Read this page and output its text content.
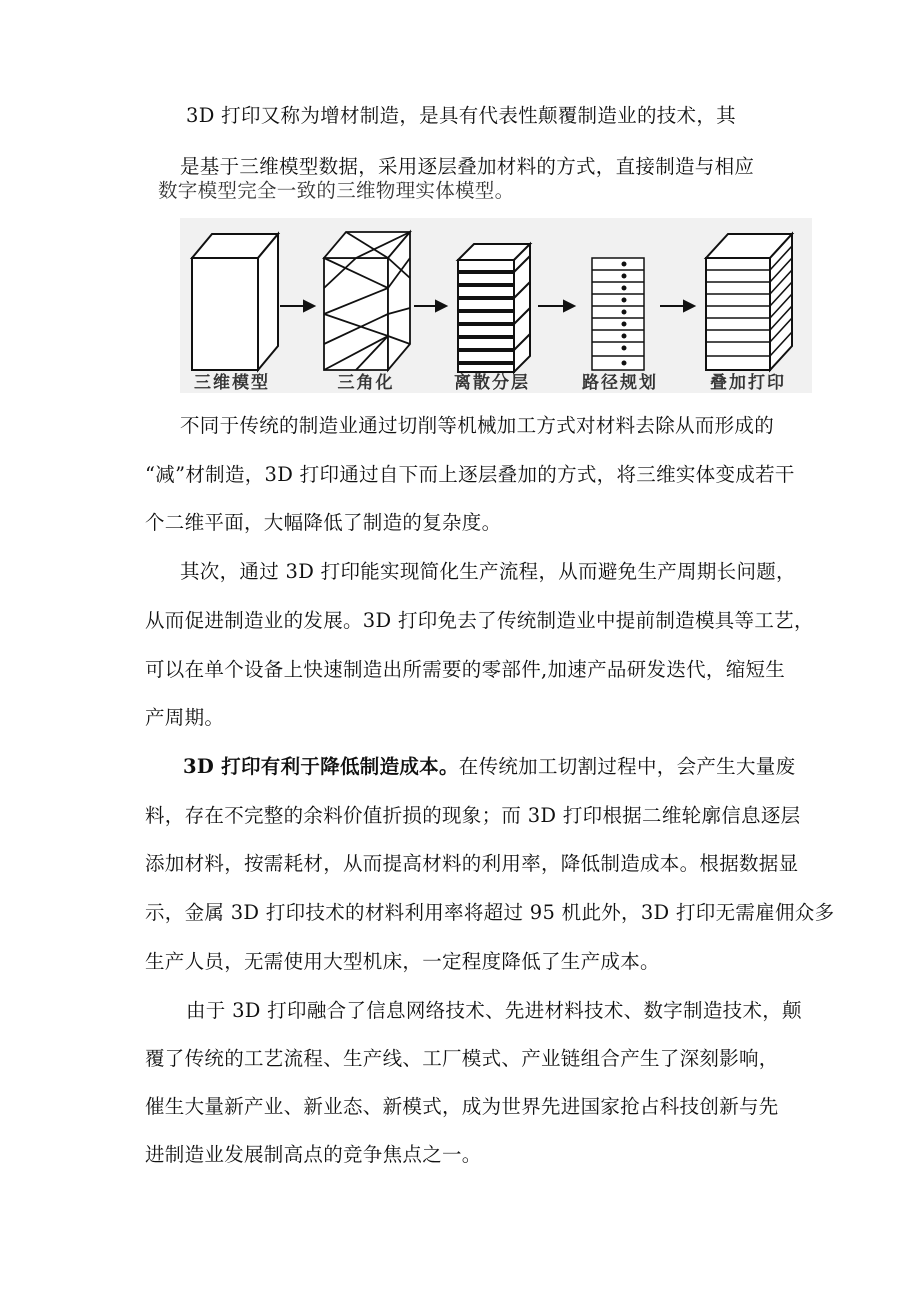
3D 打印又称为增材制造，是具有代表性颠覆制造业的技术，其
是基于三维模型数据，采用逐层叠加材料的方式，直接制造与相应
数字模型完全一致的三维物理实体模型。
三维模型	三角化	离散分层	路径规划	叠加打印
不同于传统的制造业通过切削等机械加工方式对材料去除从而形成的
“减”材制造，3D 打印通过自下而上逐层叠加的方式，将三维实体变成若干
个二维平面，大幅降低了制造的复杂度。
其次，通过 3D 打印能实现简化生产流程，从而避免生产周期长问题，
从而促进制造业的发展。3D 打印免去了传统制造业中提前制造模具等工艺，
可以在单个设备上快速制造出所需要的零部件,加速产品研发迭代，缩短生
产周期。
3D 打印有利于降低制造成本。在传统加工切割过程中，会产生大量废
料，存在不完整的余料价值折损的现象；而 3D 打印根据二维轮廓信息逐层
添加材料，按需耗材，从而提高材料的利用率，降低制造成本。根据数据显
示，金属 3D 打印技术的材料利用率将超过 95 机此外，3D 打印无需雇佣众多
生产人员，无需使用大型机床，一定程度降低了生产成本。
由于 3D 打印融合了信息网络技术、先进材料技术、数字制造技术，颠
覆了传统的工艺流程、生产线、工厂模式、产业链组合产生了深刻影响，
催生大量新产业、新业态、新模式，成为世界先进国家抢占科技创新与先
进制造业发展制高点的竞争焦点之一。
